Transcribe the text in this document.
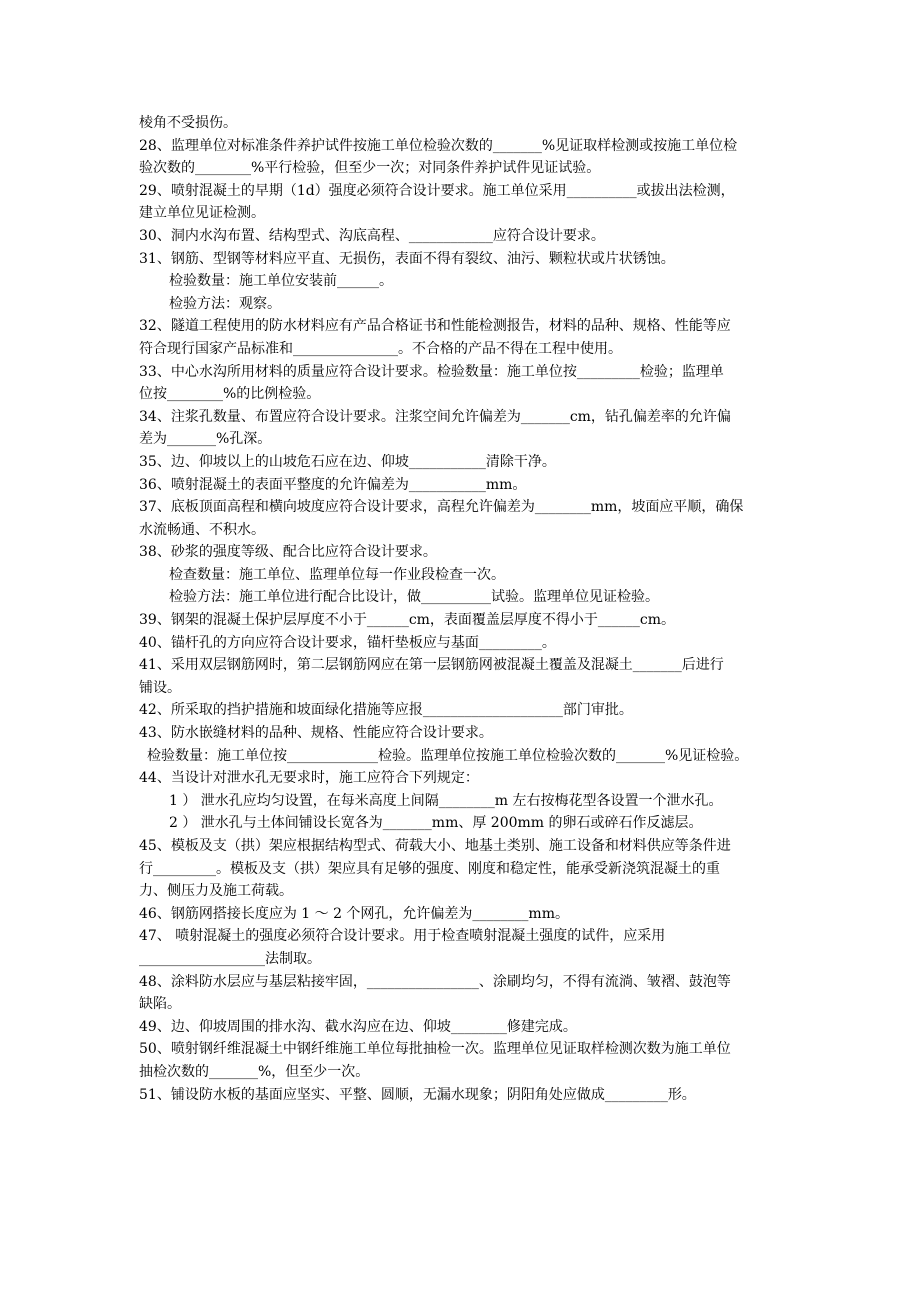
棱角不受损伤。

28、监理单位对标准条件养护试件按施工单位检验次数的_______%见证取样检测或按施工单位检

验次数的________%平行检验，但至少一次；对同条件养护试件见证试验。

29、喷射混凝土的早期（1d）强度必须符合设计要求。施工单位采用__________或拔出法检测，

建立单位见证检测。

30、洞内水沟布置、结构型式、沟底高程、____________应符合设计要求。

31、钢筋、型钢等材料应平直、无损伤，表面不得有裂纹、油污、颗粒状或片状锈蚀。

检验数量：施工单位安装前______。

检验方法：观察。

32、隧道工程使用的防水材料应有产品合格证书和性能检测报告，材料的品种、规格、性能等应

符合现行国家产品标准和_______________。不合格的产品不得在工程中使用。

33、中心水沟所用材料的质量应符合设计要求。检验数量：施工单位按_________检验；监理单

位按________%的比例检验。

34、注浆孔数量、布置应符合设计要求。注浆空间允许偏差为_______cm，钻孔偏差率的允许偏

差为_______%孔深。

35、边、仰坡以上的山坡危石应在边、仰坡___________清除干净。

36、喷射混凝土的表面平整度的允许偏差为___________mm。

37、底板顶面高程和横向坡度应符合设计要求，高程允许偏差为________mm，坡面应平顺，确保

水流畅通、不积水。

38、砂浆的强度等级、配合比应符合设计要求。

检查数量：施工单位、监理单位每一作业段检查一次。

检验方法：施工单位进行配合比设计，做__________试验。监理单位见证检验。

39、钢架的混凝土保护层厚度不小于______cm，表面覆盖层厚度不得小于______cm。

40、锚杆孔的方向应符合设计要求，锚杆垫板应与基面_________。

41、采用双层钢筋网时，第二层钢筋网应在第一层钢筋网被混凝土覆盖及混凝土_______后进行

铺设。

42、所采取的挡护措施和坡面绿化措施等应报____________________部门审批。

43、防水嵌缝材料的品种、规格、性能应符合设计要求。

检验数量：施工单位按_____________检验。监理单位按施工单位检验次数的_______%见证检验。

44、当设计对泄水孔无要求时，施工应符合下列规定：

1 ） 泄水孔应均匀设置，在每米高度上间隔________m 左右按梅花型各设置一个泄水孔。

2 ） 泄水孔与土体间铺设长宽各为_______mm、厚 200mm 的卵石或碎石作反滤层。

45、模板及支（拱）架应根据结构型式、荷载大小、地基土类别、施工设备和材料供应等条件进

行_________。模板及支（拱）架应具有足够的强度、刚度和稳定性，能承受新浇筑混凝土的重

力、侧压力及施工荷载。

46、钢筋网搭接长度应为 1 ～ 2 个网孔，允许偏差为________mm。

47、 喷射混凝土的强度必须符合设计要求。用于检查喷射混凝土强度的试件，应采用

__________________法制取。

48、涂料防水层应与基层粘接牢固，________________、涂刷均匀，不得有流淌、皱褶、鼓泡等

缺陷。

49、边、仰坡周围的排水沟、截水沟应在边、仰坡________修建完成。

50、喷射钢纤维混凝土中钢纤维施工单位每批抽检一次。监理单位见证取样检测次数为施工单位

抽检次数的_______%，但至少一次。

51、铺设防水板的基面应坚实、平整、圆顺，无漏水现象；阴阳角处应做成_________形。
